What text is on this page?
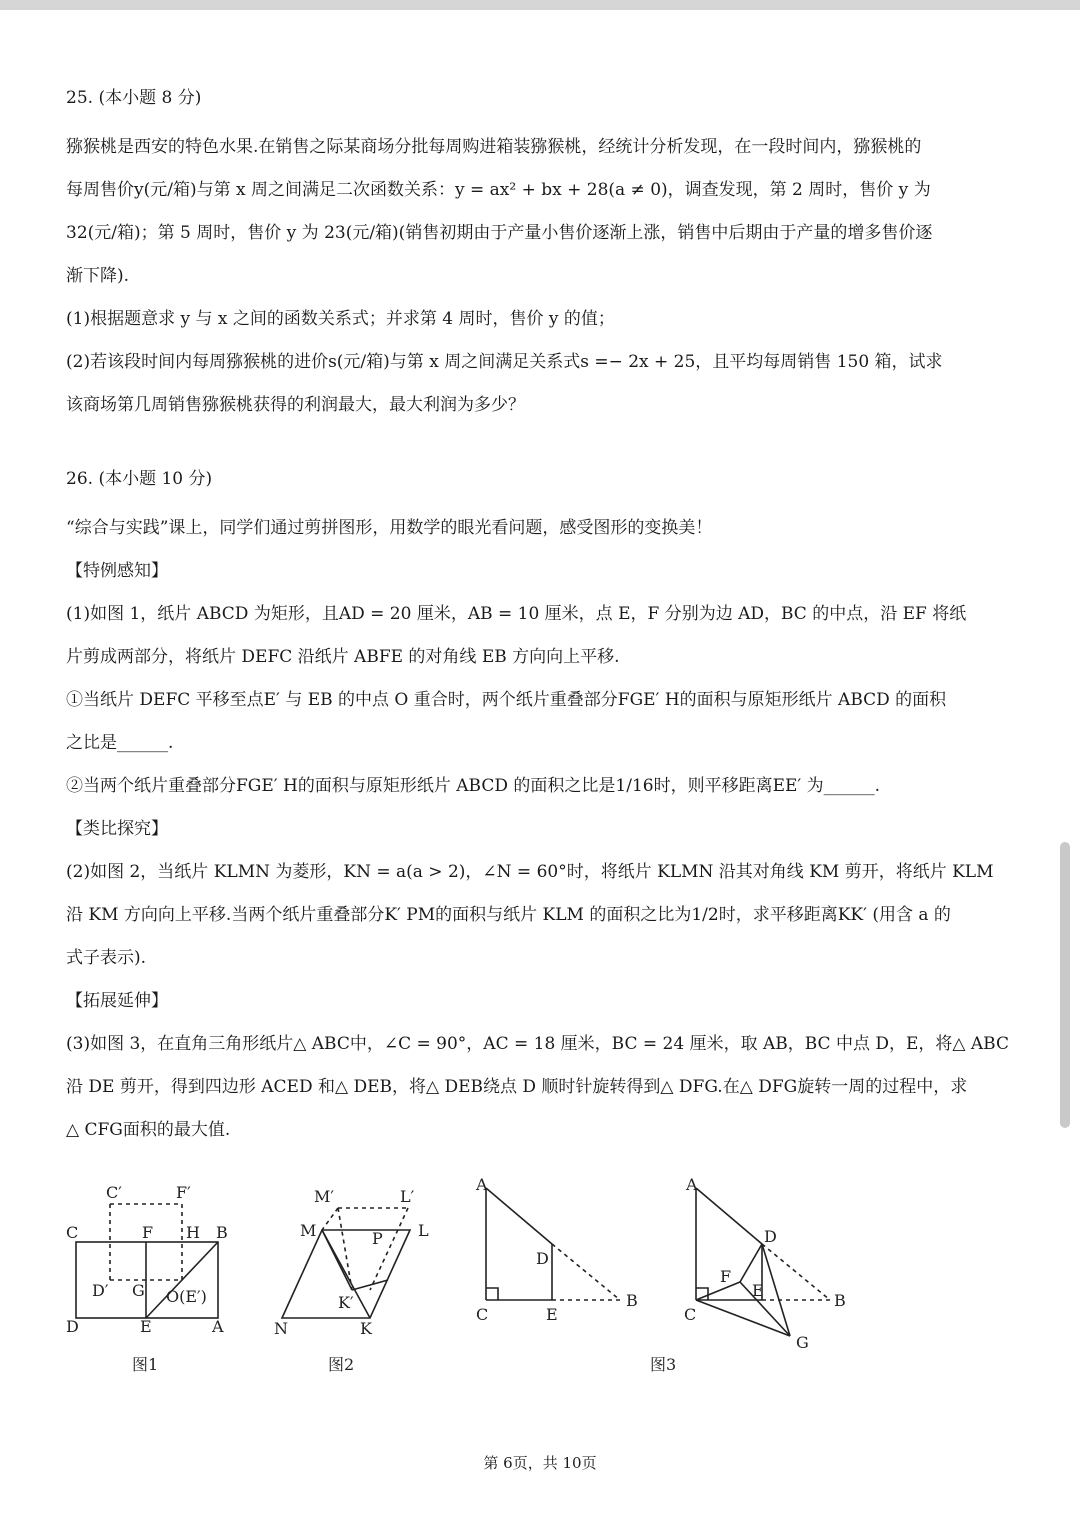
25. (本小题 8 分)

猕猴桃是西安的特色水果.在销售之际某商场分批每周购进箱装猕猴桃，经统计分析发现，在一段时间内，猕猴桃的

每周售价y(元/箱)与第 x 周之间满足二次函数关系：y = ax² + bx + 28(a ≠ 0)，调查发现，第 2 周时，售价 y 为

32(元/箱)；第 5 周时，售价 y 为 23(元/箱)(销售初期由于产量小售价逐渐上涨，销售中后期由于产量的增多售价逐

渐下降).

(1)根据题意求 y 与 x 之间的函数关系式；并求第 4 周时，售价 y 的值；

(2)若该段时间内每周猕猴桃的进价s(元/箱)与第 x 周之间满足关系式s =− 2x + 25，且平均每周销售 150 箱，试求

该商场第几周销售猕猴桃获得的利润最大，最大利润为多少？

26. (本小题 10 分)

“综合与实践”课上，同学们通过剪拼图形，用数学的眼光看问题，感受图形的变换美！

【特例感知】

(1)如图 1，纸片 ABCD 为矩形，且AD = 20 厘米，AB = 10 厘米，点 E，F 分别为边 AD，BC 的中点，沿 EF 将纸

片剪成两部分，将纸片 DEFC 沿纸片 ABFE 的对角线 EB 方向向上平移.

①当纸片 DEFC 平移至点E′ 与 EB 的中点 O 重合时，两个纸片重叠部分FGE′ H的面积与原矩形纸片 ABCD 的面积

之比是______.

②当两个纸片重叠部分FGE′ H的面积与原矩形纸片 ABCD 的面积之比是1/16时，则平移距离EE′ 为______.

【类比探究】

(2)如图 2，当纸片 KLMN 为菱形，KN = a(a > 2)，∠N = 60°时，将纸片 KLMN 沿其对角线 KM 剪开，将纸片 KLM

沿 KM 方向向上平移.当两个纸片重叠部分K′ PM的面积与纸片 KLM 的面积之比为1/2时，求平移距离KK′ (用含 a 的

式子表示).

【拓展延伸】

(3)如图 3，在直角三角形纸片△ ABC中，∠C = 90°，AC = 18 厘米，BC = 24 厘米，取 AB，BC 中点 D，E，将△ ABC

沿 DE 剪开，得到四边形 ACED 和△ DEB，将△ DEB绕点 D 顺时针旋转得到△ DFG.在△ DFG旋转一周的过程中，求

△ CFG面积的最大值.

C′	F′
C	F H B
D′ G O(E′)
D	E	A
M′	L′
M	P L
K′
N	K
A
D
C	E
B
A
D
F
E
C
B
G
图1	图2	图3
第 6页，共 10页
